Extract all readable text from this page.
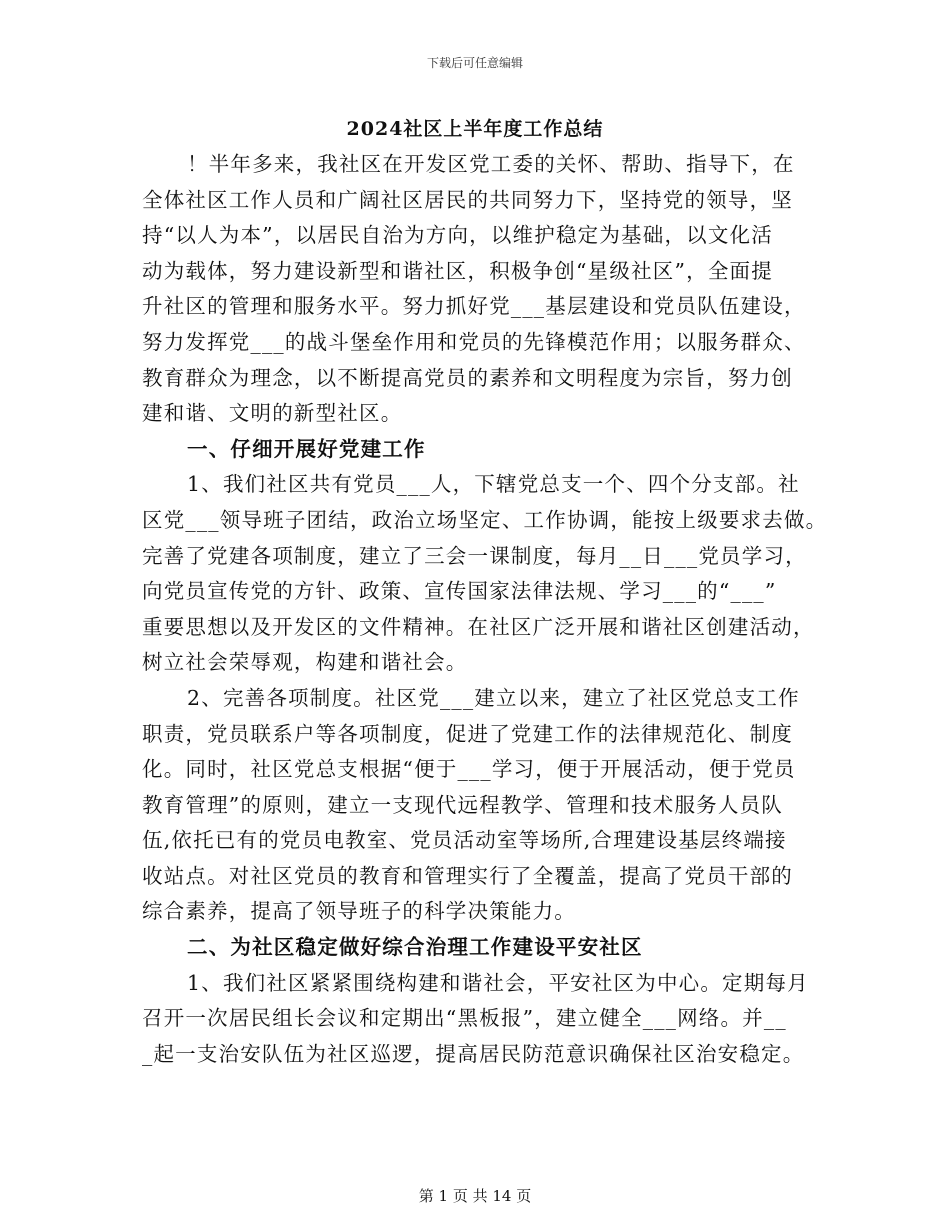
下载后可任意编辑
2024社区上半年度工作总结
！半年多来，我社区在开发区党工委的关怀、帮助、指导下，在
全体社区工作人员和广阔社区居民的共同努力下，坚持党的领导，坚
持“以人为本”，以居民自治为方向，以维护稳定为基础，以文化活
动为载体，努力建设新型和谐社区，积极争创“星级社区”，全面提
升社区的管理和服务水平。努力抓好党___基层建设和党员队伍建设，
努力发挥党___的战斗堡垒作用和党员的先锋模范作用；以服务群众、
教育群众为理念，以不断提高党员的素养和文明程度为宗旨，努力创
建和谐、文明的新型社区。
一、仔细开展好党建工作
1、我们社区共有党员___人，下辖党总支一个、四个分支部。社
区党___领导班子团结，政治立场坚定、工作协调，能按上级要求去做。
完善了党建各项制度，建立了三会一课制度，每月__日___党员学习，
向党员宣传党的方针、政策、宣传国家法律法规、学习___的“___”
重要思想以及开发区的文件精神。在社区广泛开展和谐社区创建活动，
树立社会荣辱观，构建和谐社会。
2、完善各项制度。社区党___建立以来，建立了社区党总支工作
职责，党员联系户等各项制度，促进了党建工作的法律规范化、制度
化。同时，社区党总支根据“便于___学习，便于开展活动，便于党员
教育管理”的原则，建立一支现代远程教学、管理和技术服务人员队
伍,依托已有的党员电教室、党员活动室等场所,合理建设基层终端接
收站点。对社区党员的教育和管理实行了全覆盖，提高了党员干部的
综合素养，提高了领导班子的科学决策能力。
二、为社区稳定做好综合治理工作建设平安社区
1、我们社区紧紧围绕构建和谐社会，平安社区为中心。定期每月
召开一次居民组长会议和定期出“黑板报”，建立健全___网络。并__
_起一支治安队伍为社区巡逻，提高居民防范意识确保社区治安稳定。
第 1 页 共 14 页
